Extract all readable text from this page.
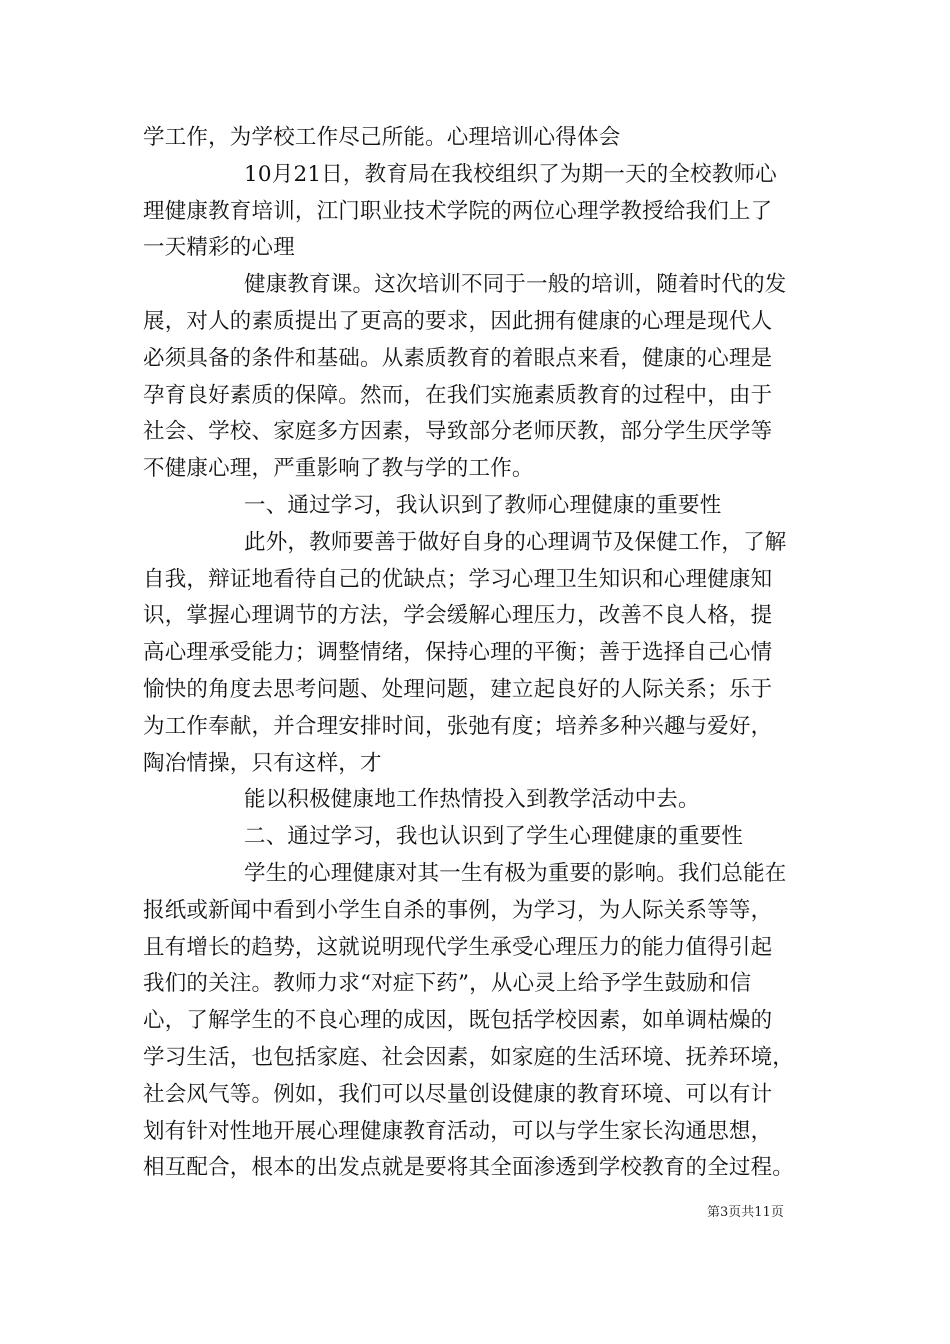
学工作，为学校工作尽己所能。心理培训心得体会
10月21日，教育局在我校组织了为期一天的全校教师心
理健康教育培训，江门职业技术学院的两位心理学教授给我们上了
一天精彩的心理
健康教育课。这次培训不同于一般的培训，随着时代的发
展，对人的素质提出了更高的要求，因此拥有健康的心理是现代人
必须具备的条件和基础。从素质教育的着眼点来看，健康的心理是
孕育良好素质的保障。然而，在我们实施素质教育的过程中，由于
社会、学校、家庭多方因素，导致部分老师厌教，部分学生厌学等
不健康心理，严重影响了教与学的工作。
一、通过学习，我认识到了教师心理健康的重要性
此外，教师要善于做好自身的心理调节及保健工作，了解
自我，辩证地看待自己的优缺点；学习心理卫生知识和心理健康知
识，掌握心理调节的方法，学会缓解心理压力，改善不良人格，提
高心理承受能力；调整情绪，保持心理的平衡；善于选择自己心情
愉快的角度去思考问题、处理问题，建立起良好的人际关系；乐于
为工作奉献，并合理安排时间，张弛有度；培养多种兴趣与爱好，
陶冶情操，只有这样，才
能以积极健康地工作热情投入到教学活动中去。
二、通过学习，我也认识到了学生心理健康的重要性
学生的心理健康对其一生有极为重要的影响。我们总能在
报纸或新闻中看到小学生自杀的事例，为学习，为人际关系等等，
且有增长的趋势，这就说明现代学生承受心理压力的能力值得引起
我们的关注。教师力求“对症下药”，从心灵上给予学生鼓励和信
心，了解学生的不良心理的成因，既包括学校因素，如单调枯燥的
学习生活，也包括家庭、社会因素，如家庭的生活环境、抚养环境，
社会风气等。例如，我们可以尽量创设健康的教育环境、可以有计
划有针对性地开展心理健康教育活动，可以与学生家长沟通思想，
相互配合，根本的出发点就是要将其全面渗透到学校教育的全过程。
第3页共11页
